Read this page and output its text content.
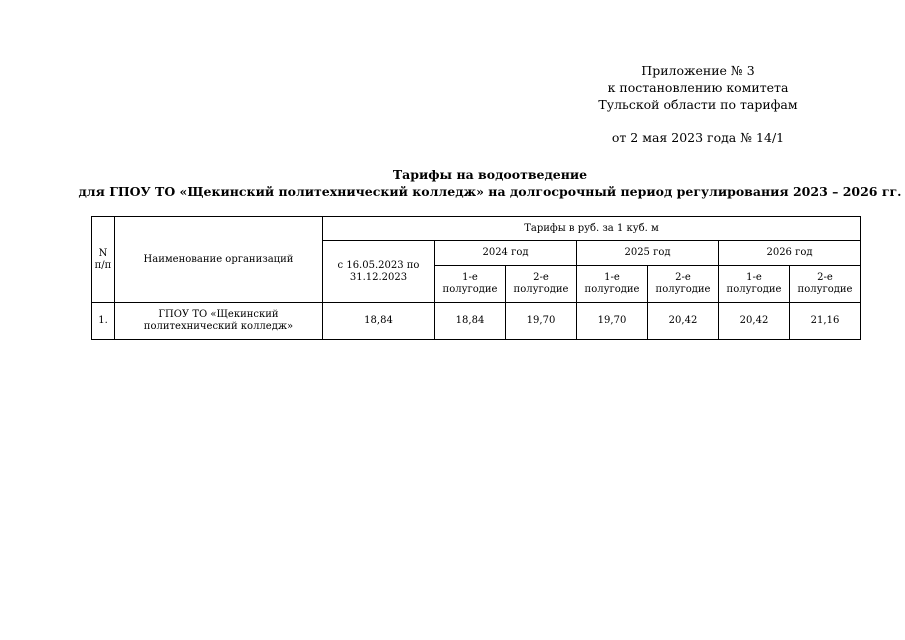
Приложение № 3
к постановлению комитета
Тульской области по тарифам
от 2 мая 2023 года № 14/1
Тарифы на водоотведение
для ГПОУ ТО «Щекинский политехнический колледж» на долгосрочный период регулирования 2023 – 2026 гг.
N п/п	Наименование организаций	Тарифы в руб. за 1 куб. м						
		с 16.05.2023 по 31.12.2023	2024 год		2025 год		2026 год	
			1-е полугодие	2-е полугодие	1-е полугодие	2-е полугодие	1-е полугодие	2-е полугодие
1.	ГПОУ ТО «Щекинский политехнический колледж»	18,84	18,84	19,70	19,70	20,42	20,42	21,16
